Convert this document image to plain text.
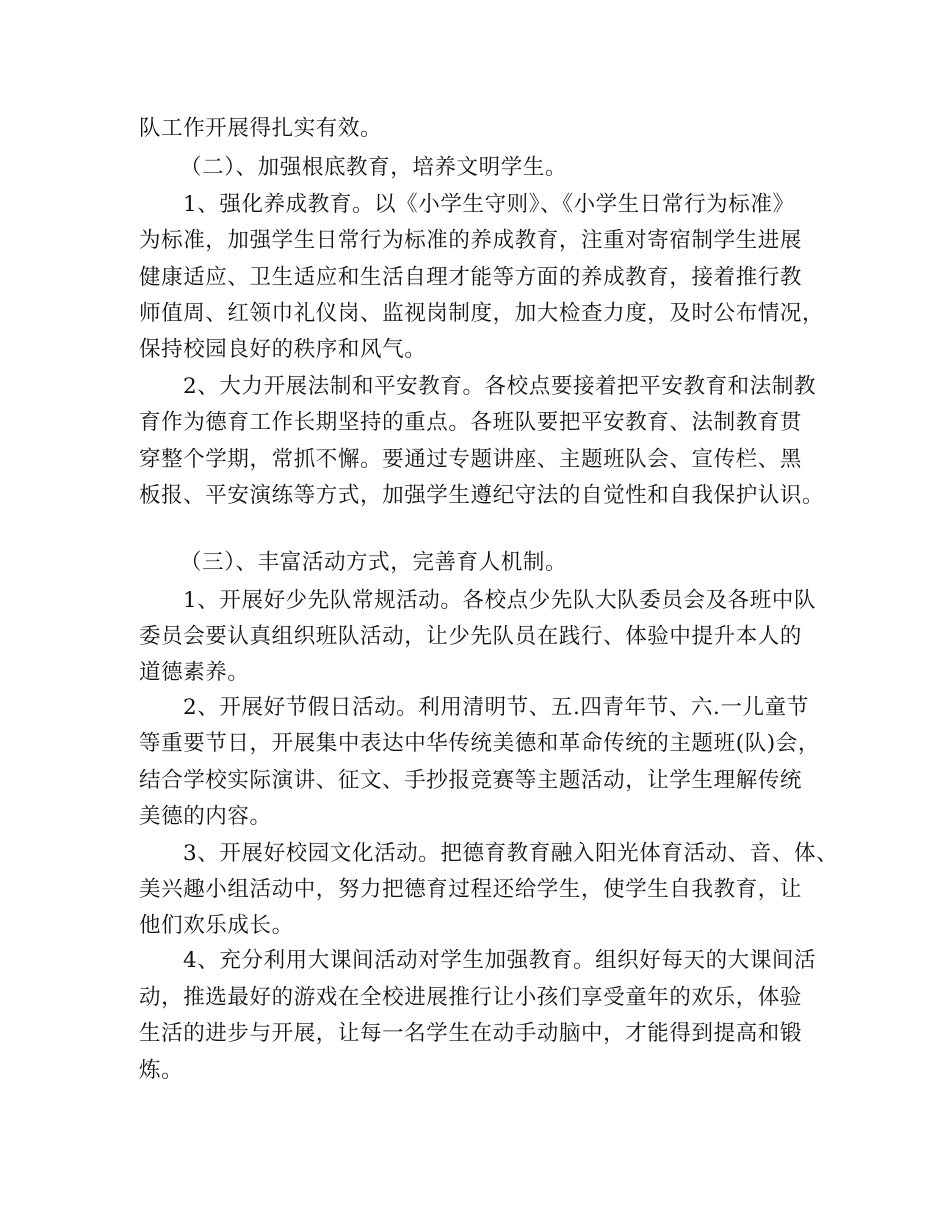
队工作开展得扎实有效。
（二）、加强根底教育，培养文明学生。
1、强化养成教育。以《小学生守则》、《小学生日常行为标准》
为标准，加强学生日常行为标准的养成教育，注重对寄宿制学生进展
健康适应、卫生适应和生活自理才能等方面的养成教育，接着推行教
师值周、红领巾礼仪岗、监视岗制度，加大检查力度，及时公布情况，
保持校园良好的秩序和风气。
2、大力开展法制和平安教育。各校点要接着把平安教育和法制教
育作为德育工作长期坚持的重点。各班队要把平安教育、法制教育贯
穿整个学期，常抓不懈。要通过专题讲座、主题班队会、宣传栏、黑
板报、平安演练等方式，加强学生遵纪守法的自觉性和自我保护认识。
（三）、丰富活动方式，完善育人机制。
1、开展好少先队常规活动。各校点少先队大队委员会及各班中队
委员会要认真组织班队活动，让少先队员在践行、体验中提升本人的
道德素养。
2、开展好节假日活动。利用清明节、五.四青年节、六.一儿童节
等重要节日，开展集中表达中华传统美德和革命传统的主题班(队)会，
结合学校实际演讲、征文、手抄报竞赛等主题活动，让学生理解传统
美德的内容。
3、开展好校园文化活动。把德育教育融入阳光体育活动、音、体、
美兴趣小组活动中，努力把德育过程还给学生，使学生自我教育，让
他们欢乐成长。
4、充分利用大课间活动对学生加强教育。组织好每天的大课间活
动，推选最好的游戏在全校进展推行让小孩们享受童年的欢乐，体验
生活的进步与开展，让每一名学生在动手动脑中，才能得到提高和锻
炼。
